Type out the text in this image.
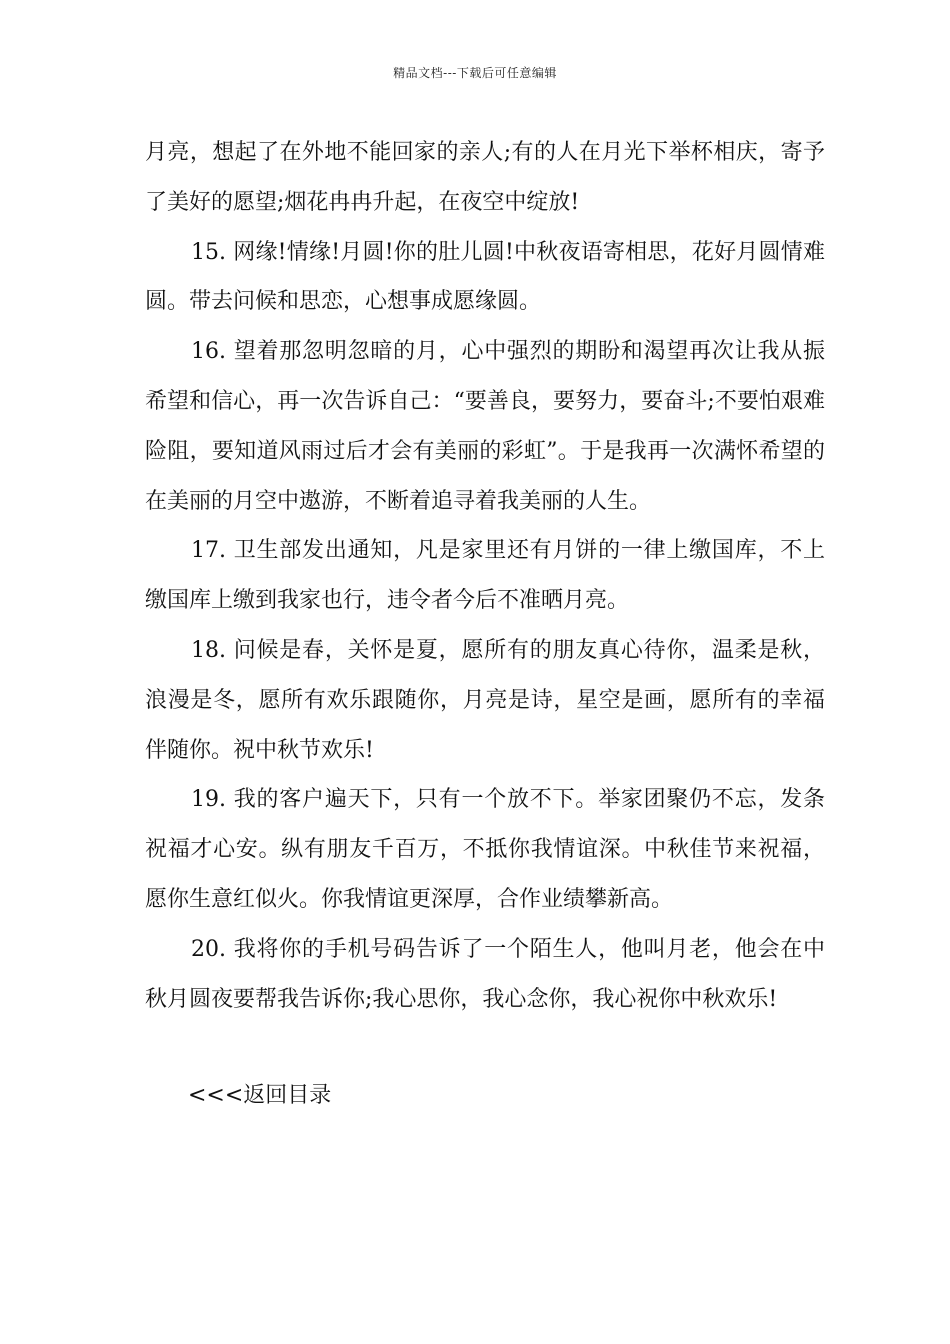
精品文档---下载后可任意编辑

月亮，想起了在外地不能回家的亲人;有的人在月光下举杯相庆，寄予了美好的愿望;烟花冉冉升起，在夜空中绽放!

15. 网缘!情缘!月圆!你的肚儿圆!中秋夜语寄相思，花好月圆情难圆。带去问候和思恋，心想事成愿缘圆。

16. 望着那忽明忽暗的月，心中强烈的期盼和渴望再次让我从振希望和信心，再一次告诉自己：“要善良，要努力，要奋斗;不要怕艰难险阻，要知道风雨过后才会有美丽的彩虹”。于是我再一次满怀希望的在美丽的月空中遨游，不断着追寻着我美丽的人生。

17. 卫生部发出通知，凡是家里还有月饼的一律上缴国库，不上缴国库上缴到我家也行，违令者今后不准晒月亮。

18. 问候是春，关怀是夏，愿所有的朋友真心待你，温柔是秋，浪漫是冬，愿所有欢乐跟随你，月亮是诗，星空是画，愿所有的幸福伴随你。祝中秋节欢乐!

19. 我的客户遍天下，只有一个放不下。举家团聚仍不忘，发条祝福才心安。纵有朋友千百万，不抵你我情谊深。中秋佳节来祝福，愿你生意红似火。你我情谊更深厚，合作业绩攀新高。

20. 我将你的手机号码告诉了一个陌生人，他叫月老，他会在中秋月圆夜要帮我告诉你;我心思你，我心念你，我心祝你中秋欢乐!

<<<返回目录
